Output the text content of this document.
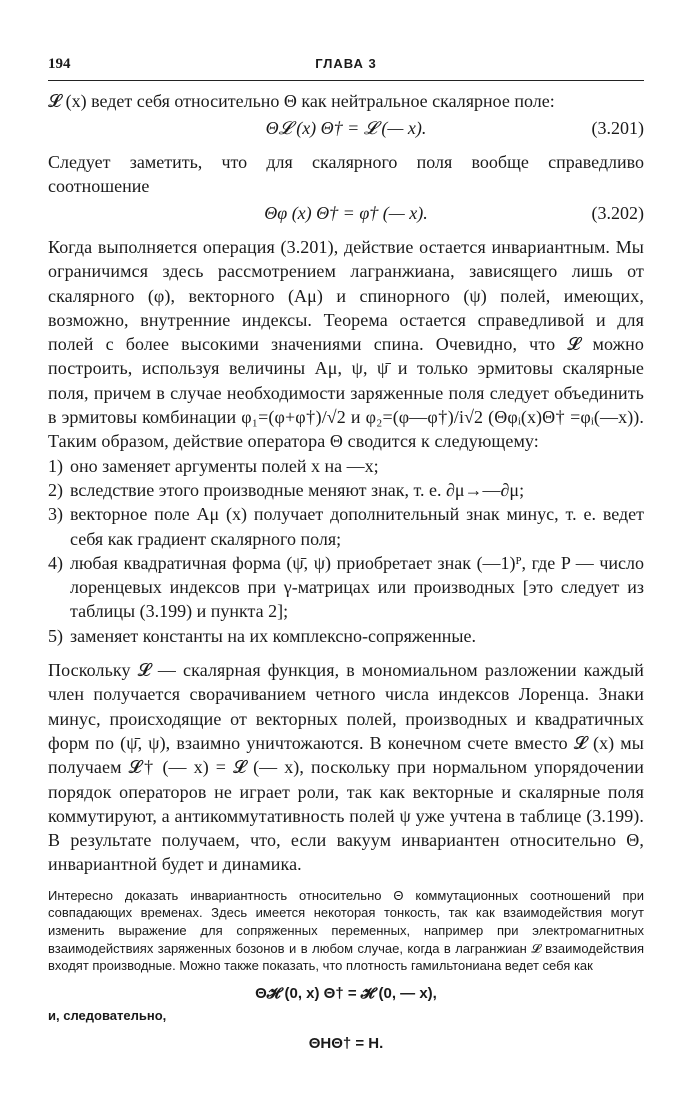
194	ГЛАВА 3

𝓛 (x) ведет себя относительно Θ как нейтральное скалярное поле:

Θ𝓛 (x) Θ† = 𝓛 (— x).	(3.201)

Следует заметить, что для скалярного поля вообще справедливо соотношение

Θφ (x) Θ† = φ† (— x).	(3.202)

Когда выполняется операция (3.201), действие остается инвариантным. Мы ограничимся здесь рассмотрением лагранжиана, зависящего лишь от скалярного (φ), векторного (Aμ) и спинорного (ψ) полей, имеющих, возможно, внутренние индексы. Теорема остается справедливой и для полей с более высокими значениями спина. Очевидно, что 𝓛 можно построить, используя величины Aμ, ψ, ψ̄ и только эрмитовы скалярные поля, причем в случае необходимости заряженные поля следует объединить в эрмитовы комбинации φ₁=(φ+φ†)/√2 и φ₂=(φ—φ†)/i√2 (Θφᵢ(x)Θ† =φᵢ(—x)). Таким образом, действие оператора Θ сводится к следующему:

1) оно заменяет аргументы полей x на —x;
2) вследствие этого производные меняют знак, т. е. ∂μ→—∂μ;
3) векторное поле Aμ (x) получает дополнительный знак минус, т. е. ведет себя как градиент скалярного поля;
4) любая квадратичная форма (ψ̄, ψ) приобретает знак (—1)ᴾ, где P — число лоренцевых индексов при γ-матрицах или производных [это следует из таблицы (3.199) и пункта 2];
5) заменяет константы на их комплексно-сопряженные.

Поскольку 𝓛 — скалярная функция, в мономиальном разложении каждый член получается сворачиванием четного числа индексов Лоренца. Знаки минус, происходящие от векторных полей, производных и квадратичных форм по (ψ̄, ψ), взаимно уничтожаются. В конечном счете вместо 𝓛 (x) мы получаем 𝓛† (— x) = 𝓛 (— x), поскольку при нормальном упорядочении порядок операторов не играет роли, так как векторные и скалярные поля коммутируют, а антикоммутативность полей ψ уже учтена в таблице (3.199). В результате получаем, что, если вакуум инвариантен относительно Θ, инвариантной будет и динамика.

Интересно доказать инвариантность относительно Θ коммутационных соотношений при совпадающих временах. Здесь имеется некоторая тонкость, так как взаимодействия могут изменить выражение для сопряженных переменных, например при электромагнитных взаимодействиях заряженных бозонов и в любом случае, когда в лагранжиан 𝓛 взаимодействия входят производные. Можно также показать, что плотность гамильтониана ведет себя как

Θ𝓗 (0, x) Θ† = 𝓗 (0, — x),
и, следовательно,
ΘHΘ† = H.
